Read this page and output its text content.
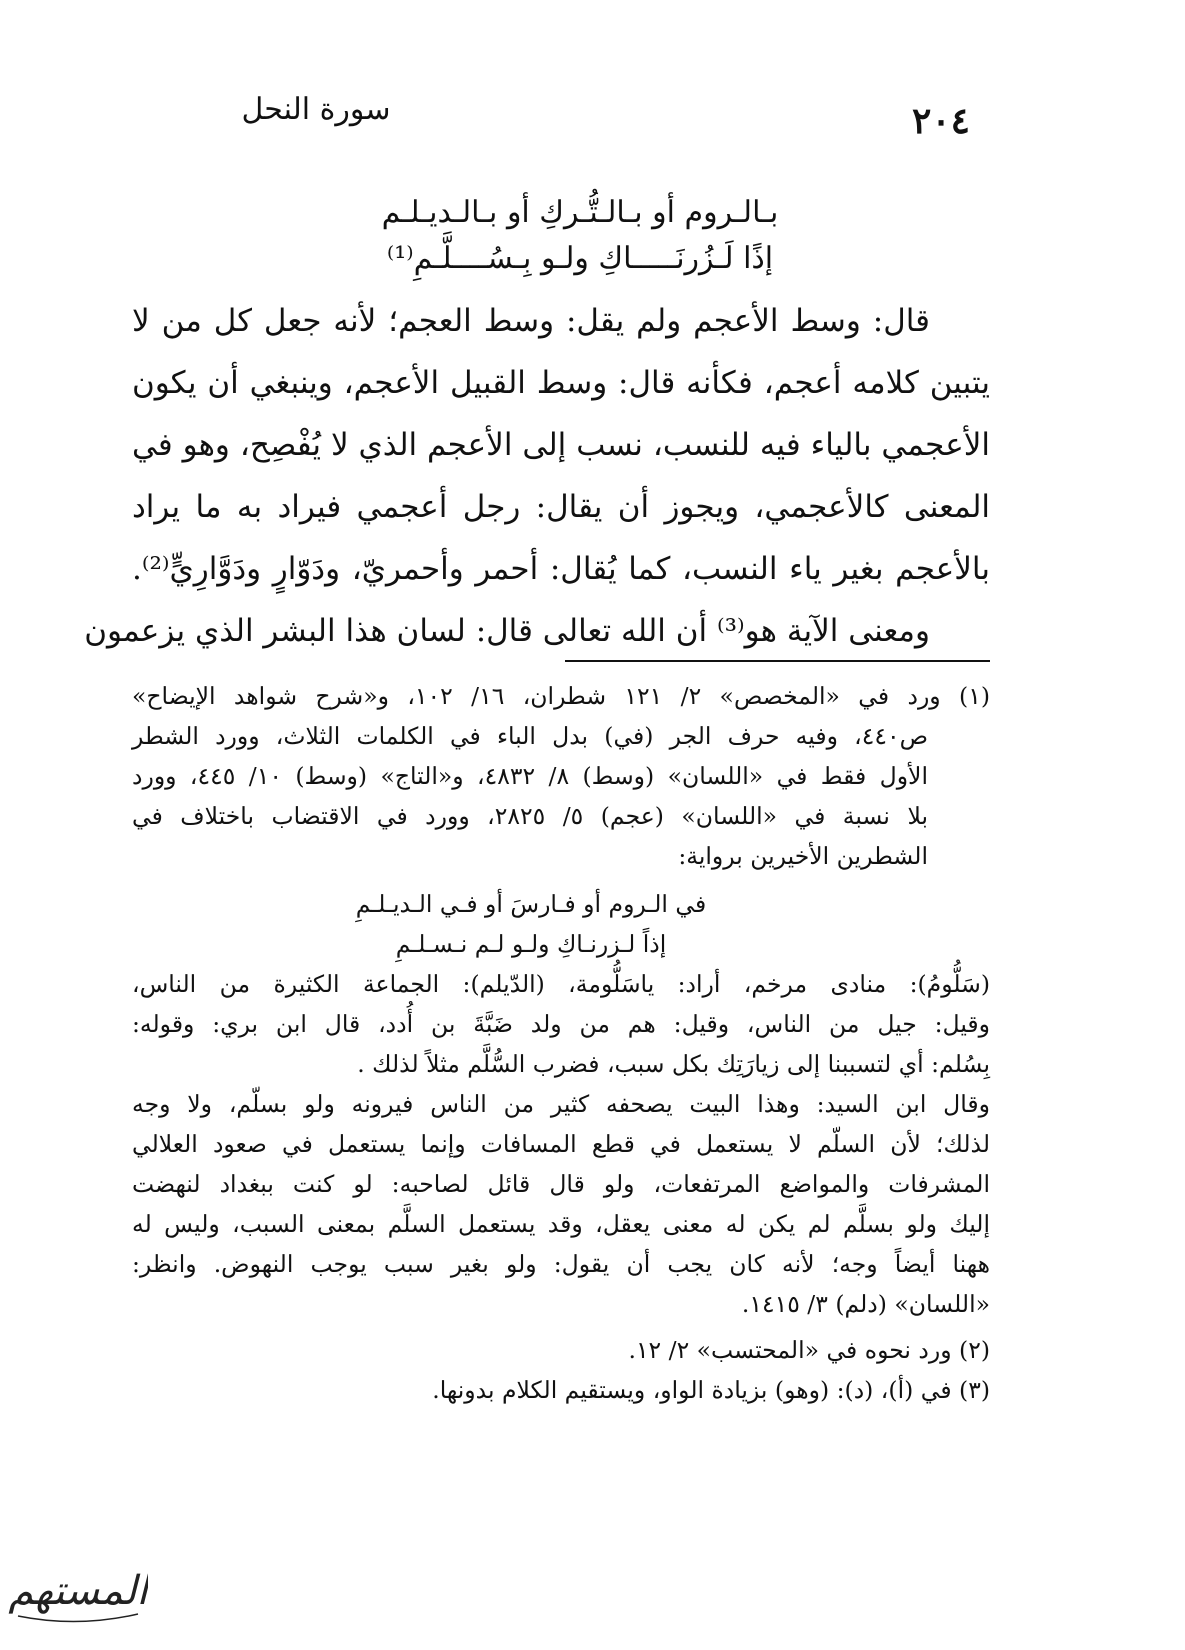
سورة النحل	٢٠٤
بـالـروم أو بـالـتُّـركِ أو بـالـديـلـم
إذًا لَـزُرنَـــــاكِ ولـو بِـسُــــلَّـمِ⁽¹⁾
قال: وسط الأعجم ولم يقل: وسط العجم؛ لأنه جعل كل من لا
يتبين كلامه أعجم، فكأنه قال: وسط القبيل الأعجم، وينبغي أن يكون
الأعجمي بالياء فيه للنسب، نسب إلى الأعجم الذي لا يُفْصِح، وهو في
المعنى كالأعجمي، ويجوز أن يقال: رجل أعجمي فيراد به ما يراد
بالأعجم بغير ياء النسب، كما يُقال: أحمر وأحمريّ، ودَوّارٍ ودَوَّارِيٍّ⁽²⁾.
ومعنى الآية هو⁽³⁾ أن الله تعالى قال: لسان هذا البشر الذي يزعمون
(١) ورد في «المخصص» ٢/ ١٢١ شطران، ١٦/ ١٠٢، و«شرح شواهد الإيضاح»
ص٤٤٠، وفيه حرف الجر (في) بدل الباء في الكلمات الثلاث، وورد الشطر
الأول فقط في «اللسان» (وسط) ٨/ ٤٨٣٢، و«التاج» (وسط) ١٠/ ٤٤٥، وورد
بلا نسبة في «اللسان» (عجم) ٥/ ٢٨٢٥، وورد في الاقتضاب باختلاف في
الشطرين الأخيرين برواية:
في الـروم أو فـارسَ أو فـي الـديـلـمِ
إذاً لـزرنـاكِ ولـو لـم نـسـلـمِ
(سَلُّومُ): منادى مرخم، أراد: ياسَلُّومة، (الدّيلم): الجماعة الكثيرة من الناس،
وقيل: جيل من الناس، وقيل: هم من ولد ضَبَّةَ بن أُدد، قال ابن بري: وقوله:
بِسُلم: أي لتسببنا إلى زيارَتِك بكل سبب، فضرب السُّلَّم مثلاً لذلك .
وقال ابن السيد: وهذا البيت يصحفه كثير من الناس فيرونه ولو بسلّم، ولا وجه
لذلك؛ لأن السلّم لا يستعمل في قطع المسافات وإنما يستعمل في صعود العلالي
المشرفات والمواضع المرتفعات، ولو قال قائل لصاحبه: لو كنت ببغداد لنهضت
إليك ولو بسلَّم لم يكن له معنى يعقل، وقد يستعمل السلَّم بمعنى السبب، وليس له
ههنا أيضاً وجه؛ لأنه كان يجب أن يقول: ولو بغير سبب يوجب النهوض. وانظر:
«اللسان» (دلم) ٣/ ١٤١٥.
(٢) ورد نحوه في «المحتسب» ٢/ ١٢.
(٣) في (أ)، (د): (وهو) بزيادة الواو، ويستقيم الكلام بدونها.
المستهم
